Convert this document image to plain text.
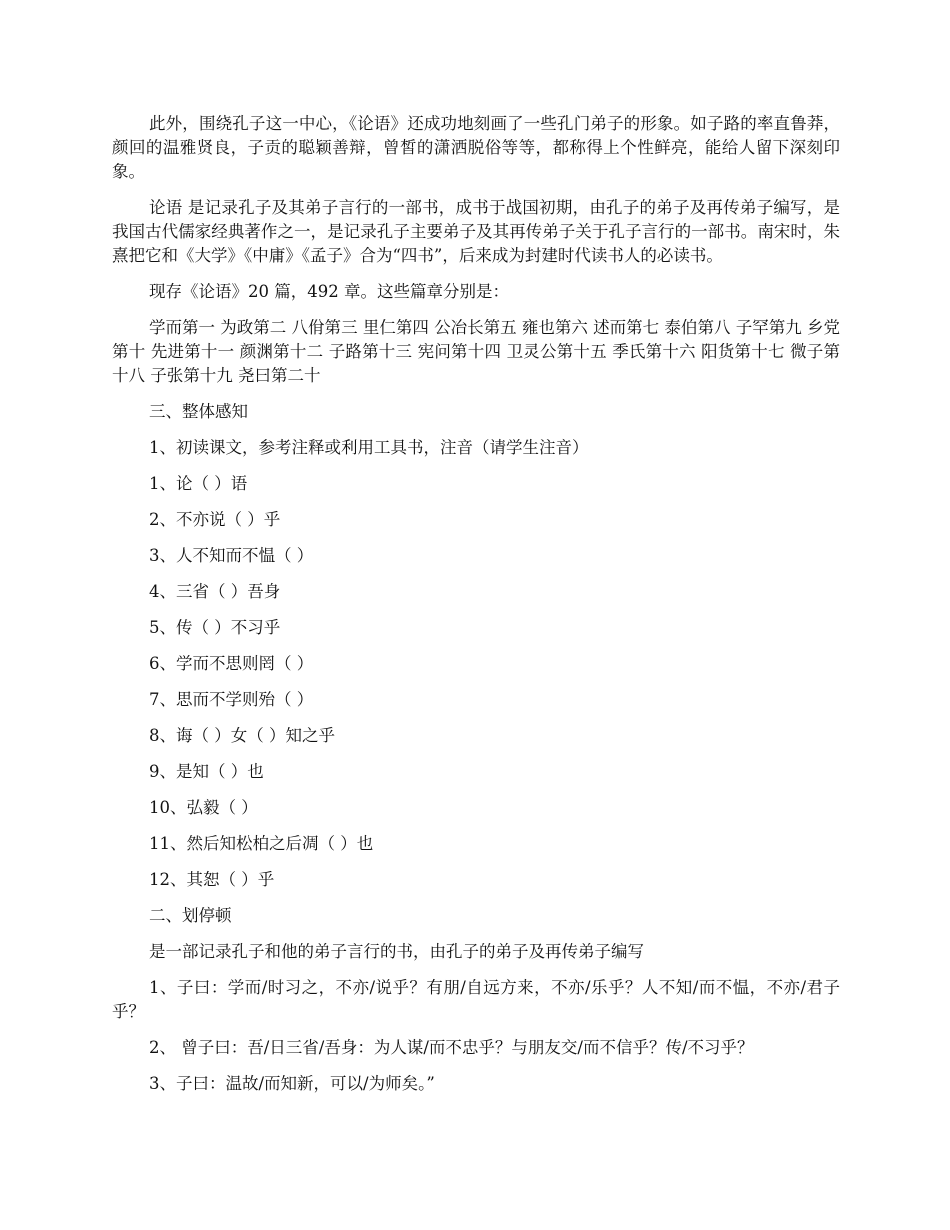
此外，围绕孔子这一中心，《论语》还成功地刻画了一些孔门弟子的形象。如子路的率直鲁莽，颜回的温雅贤良，子贡的聪颖善辩，曾皙的潇洒脱俗等等，都称得上个性鲜亮，能给人留下深刻印象。

论语 是记录孔子及其弟子言行的一部书，成书于战国初期，由孔子的弟子及再传弟子编写，是我国古代儒家经典著作之一，是记录孔子主要弟子及其再传弟子关于孔子言行的一部书。南宋时，朱熹把它和《大学》《中庸》《孟子》合为“四书”，后来成为封建时代读书人的必读书。

现存《论语》20 篇，492 章。这些篇章分别是：

学而第一 为政第二 八佾第三 里仁第四 公冶长第五 雍也第六 述而第七 泰伯第八 子罕第九 乡党第十 先进第十一 颜渊第十二 子路第十三 宪问第十四 卫灵公第十五 季氏第十六 阳货第十七 微子第十八 子张第十九 尧曰第二十

三、整体感知

1、初读课文，参考注释或利用工具书，注音（请学生注音）

1、论（ ）语

2、不亦说（ ）乎

3、人不知而不愠（ ）

4、三省（ ）吾身

5、传（ ）不习乎

6、学而不思则罔（ ）

7、思而不学则殆（ ）

8、诲（ ）女（ ）知之乎

9、是知（ ）也

10、弘毅（ ）

11、然后知松柏之后凋（ ）也

12、其恕（ ）乎

二、划停顿

是一部记录孔子和他的弟子言行的书，由孔子的弟子及再传弟子编写

1、子曰：学而/时习之，不亦/说乎？有朋/自远方来，不亦/乐乎？人不知/而不愠，不亦/君子乎？

2、 曾子曰：吾/日三省/吾身：为人谋/而不忠乎？与朋友交/而不信乎？传/不习乎？

3、子曰：温故/而知新，可以/为师矣。”
